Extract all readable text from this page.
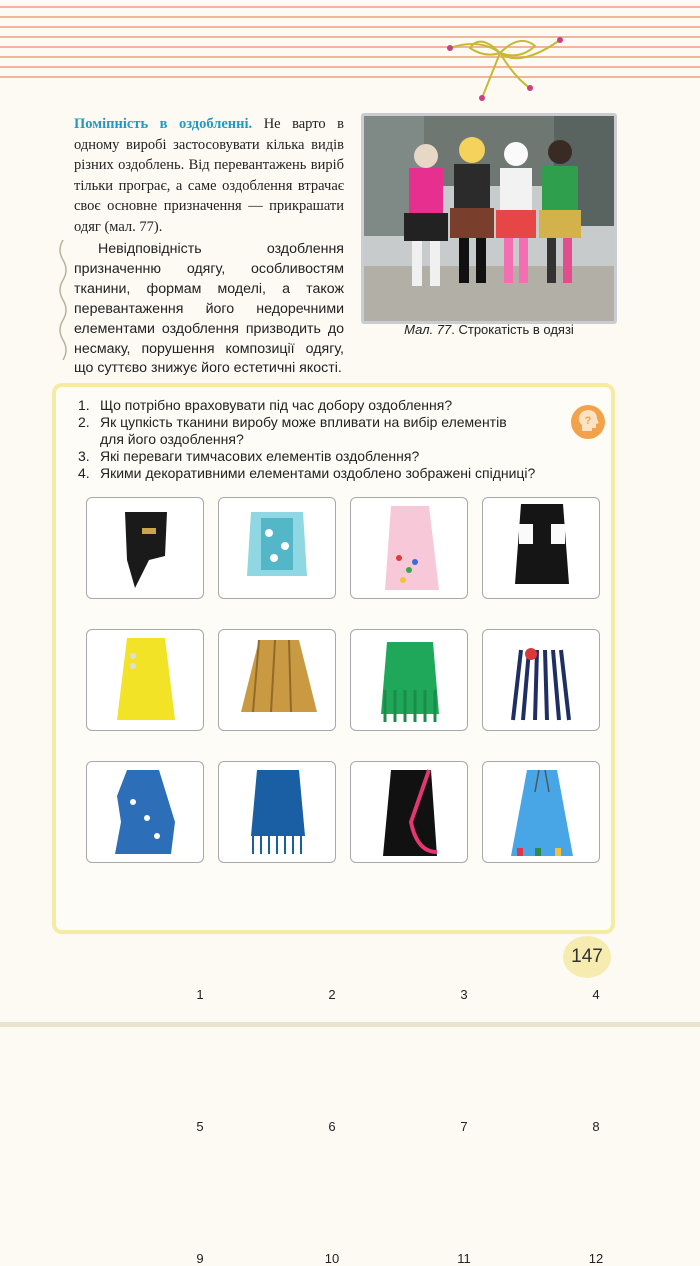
Поміпність в оздобленні. Не варто в одному виробі застосовувати кілька видів різних оздоблень. Від перевантажень виріб тільки програє, а саме оздоблення втрачає своє основне призначення — прикрашати одяг (мал. 77).
Невідповідність оздоблення призначенню одягу, особливостям тканини, формам моделі, а також перевантаження його недоречними елементами оздоблення призводить до несмаку, порушення композиції одягу, що суттєво знижує його естетичні якості.
Мал. 77. Строкатість в одязі
1. Що потрібно враховувати під час добору оздоблення?
2. Як цупкість тканини виробу може впливати на вибір елементів для його оздоблення?
3. Які переваги тимчасових елементів оздоблення?
4. Якими декоративними елементами оздоблено зображені спідниці?
?
1	2	3	4
5	6	7	8
9	10	11	12
147
